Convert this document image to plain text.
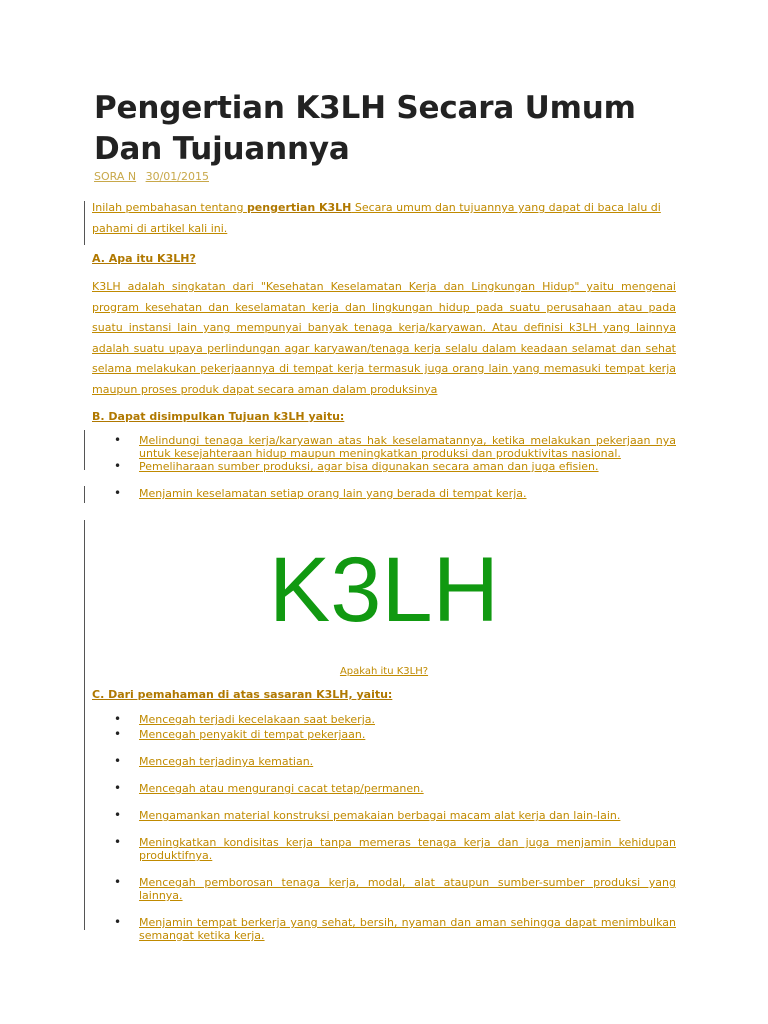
Pengertian K3LH Secara Umum Dan Tujuannya
SORA N 30/01/2015
Inilah pembahasan tentang pengertian K3LH Secara umum dan tujuannya yang dapat di baca lalu di pahami di artikel kali ini.
A. Apa itu K3LH?
K3LH adalah singkatan dari "Kesehatan Keselamatan Kerja dan Lingkungan Hidup" yaitu mengenai program kesehatan dan keselamatan kerja dan lingkungan hidup pada suatu perusahaan atau pada suatu instansi lain yang mempunyai banyak tenaga kerja/karyawan. Atau definisi k3LH yang lainnya adalah suatu upaya perlindungan agar karyawan/tenaga kerja selalu dalam keadaan selamat dan sehat selama melakukan pekerjaannya di tempat kerja termasuk juga orang lain yang memasuki tempat kerja maupun proses produk dapat secara aman dalam produksinya
B. Dapat disimpulkan Tujuan k3LH yaitu:
• Melindungi tenaga kerja/karyawan atas hak keselamatannya, ketika melakukan pekerjaan nya untuk kesejahteraan hidup maupun meningkatkan produksi dan produktivitas nasional.
• Pemeliharaan sumber produksi, agar bisa digunakan secara aman dan juga efisien.
• Menjamin keselamatan setiap orang lain yang berada di tempat kerja.
K3LH
Apakah itu K3LH?
C. Dari pemahaman di atas sasaran K3LH, yaitu:
• Mencegah terjadi kecelakaan saat bekerja.
• Mencegah penyakit di tempat pekerjaan.
• Mencegah terjadinya kematian.
• Mencegah atau mengurangi cacat tetap/permanen.
• Mengamankan material konstruksi pemakaian berbagai macam alat kerja dan lain-lain.
• Meningkatkan kondisitas kerja tanpa memeras tenaga kerja dan juga menjamin kehidupan produktifnya.
• Mencegah pemborosan tenaga kerja, modal, alat ataupun sumber-sumber produksi yang lainnya.
• Menjamin tempat berkerja yang sehat, bersih, nyaman dan aman sehingga dapat menimbulkan semangat ketika kerja.
